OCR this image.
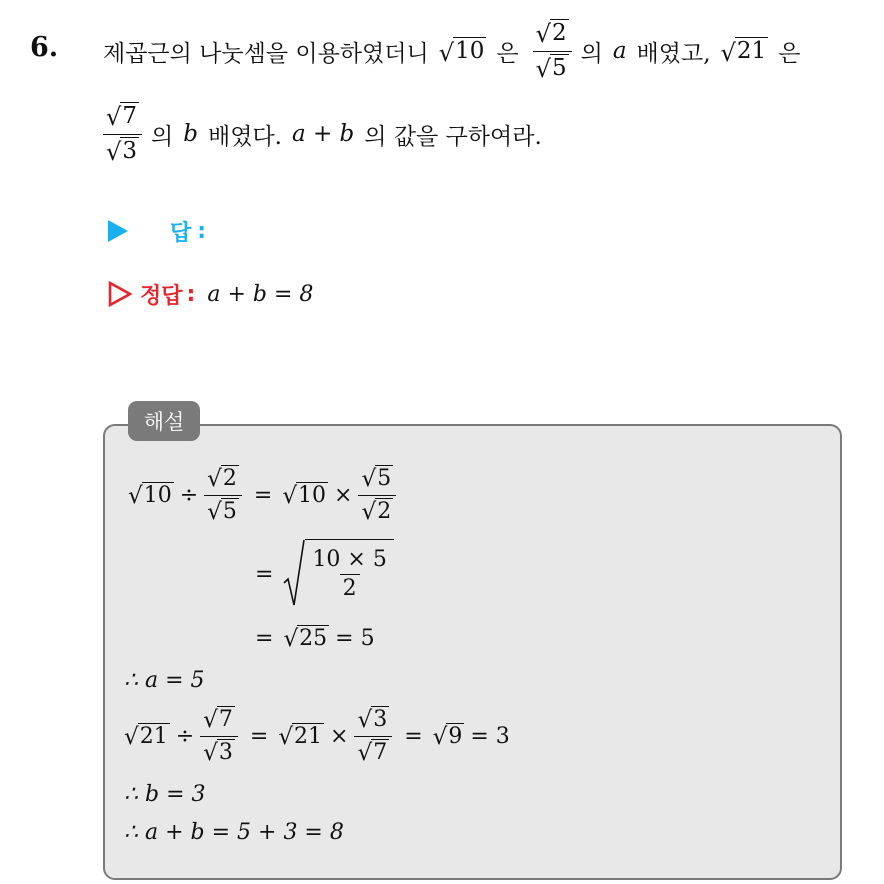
6. 제곱근의 나눗셈을 이용하였더니 √ 10 은 $\frac{√ 2}{√ 5}$ 의 a 배였고, √ 21 은
$\frac{√ 7}{√ 3}$ 의 b 배였다. a + b 의 값을 구하여라.
답 :
정답 : a + b = 8
해설
√ $10 \div \frac{√ 2}{√ 5}$ = √ $10 \times \frac{√ 5}{√ 2}$
= $\frac{10 \times 5}{2}$
= √ 25 = 5
∴ a = 5
√ $21 \div \frac{√ 7}{√ 3}$ = √ $21 \times \frac{√ 3}{√ 7}$ = √ 9 = 3
∴ b = 3
∴ a + b = 5 + 3 = 8
